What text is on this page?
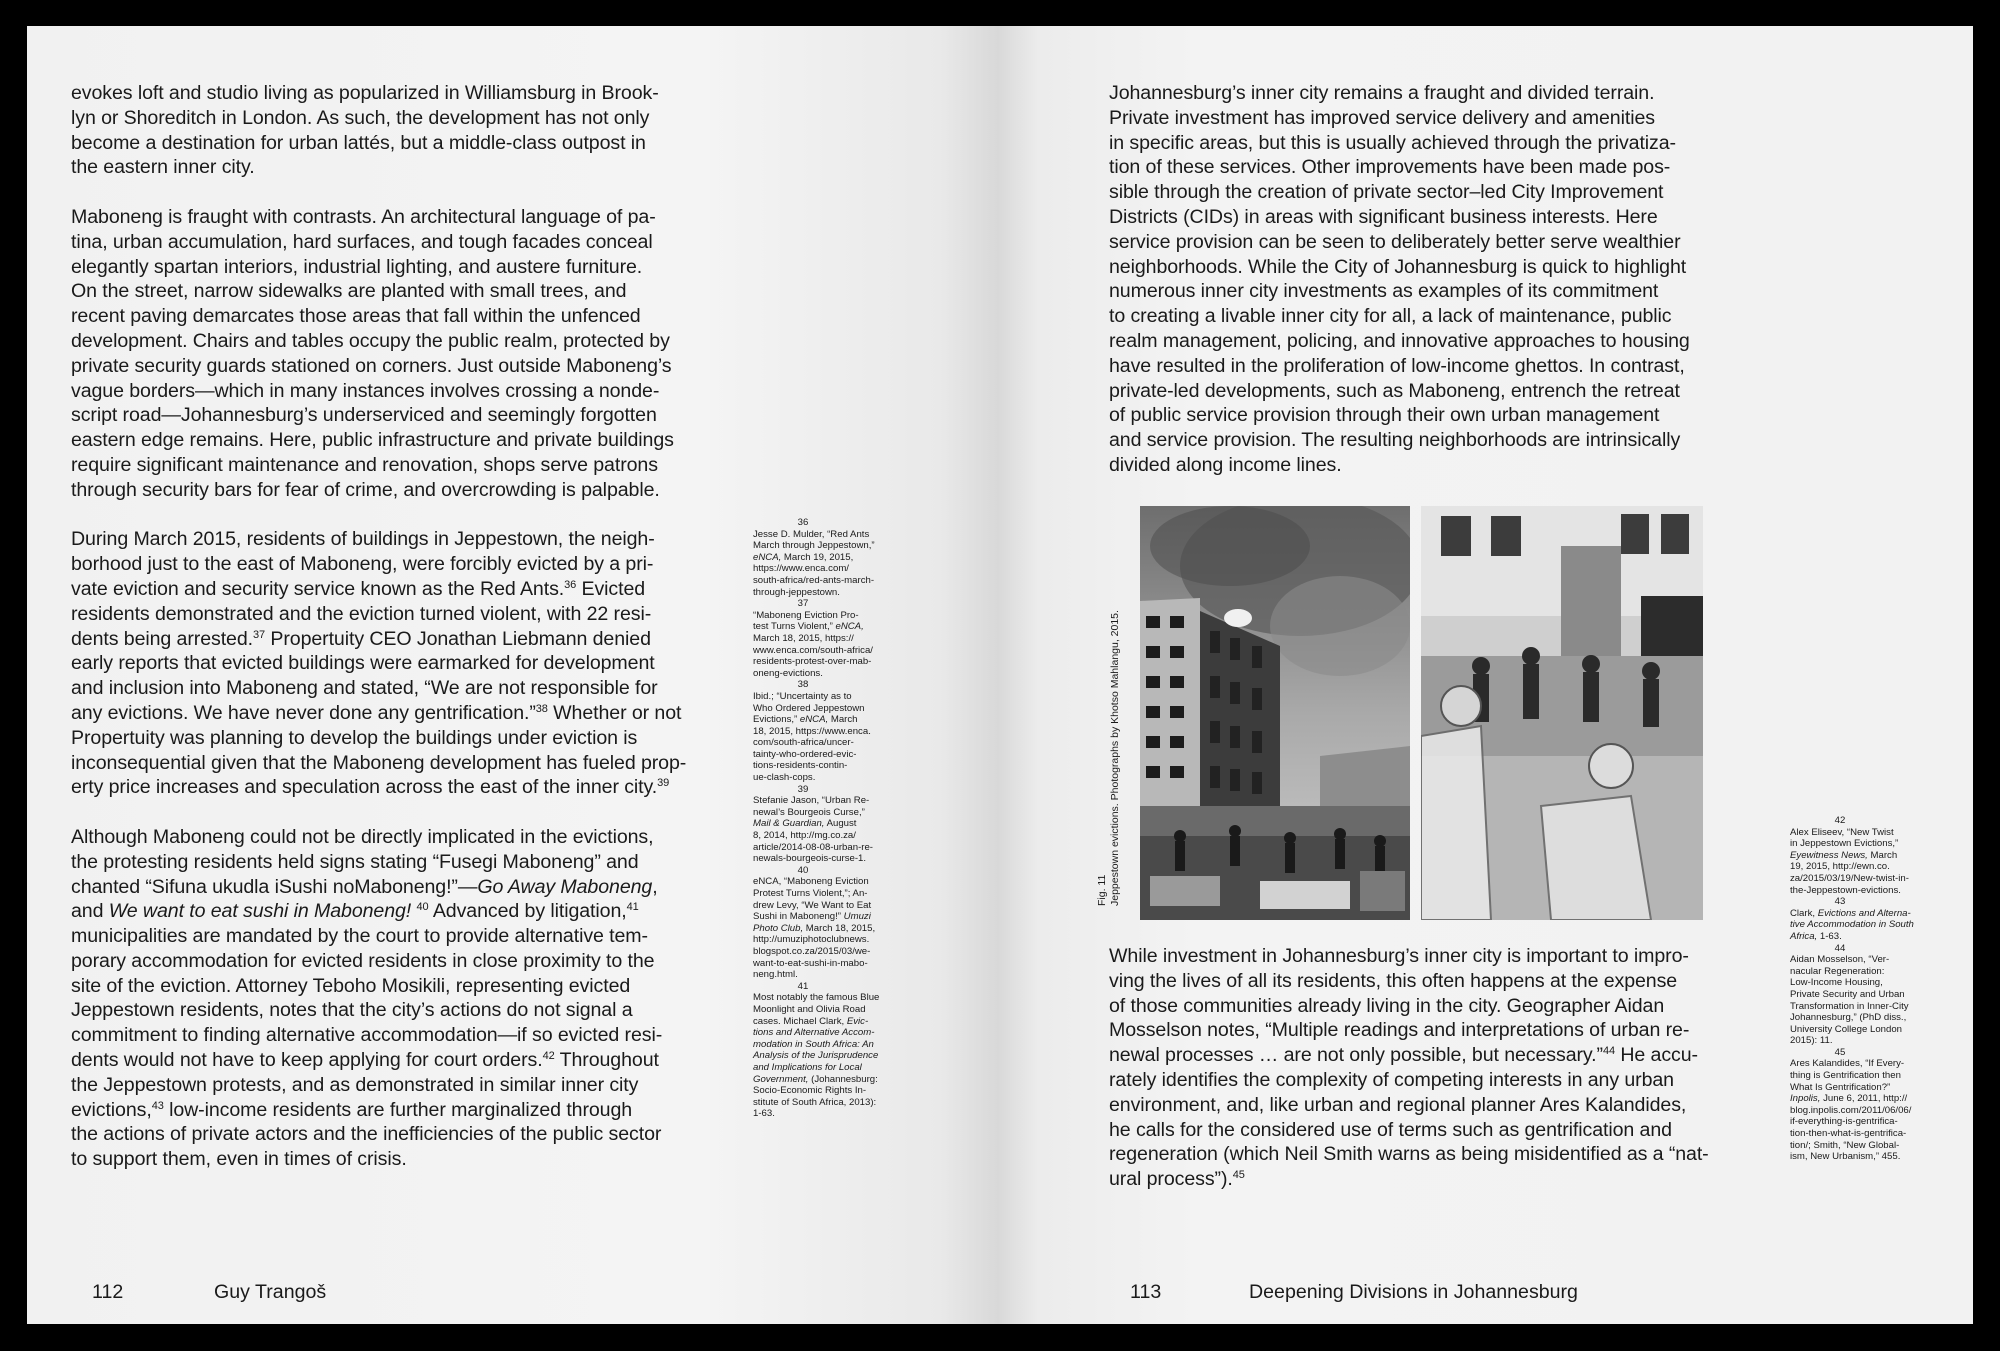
evokes loft and studio living as popularized in Williamsburg in Brook-
lyn or Shoreditch in London. As such, the development has not only
become a destination for urban lattés, but a middle-class outpost in
the eastern inner city.

Maboneng is fraught with contrasts. An architectural language of pa-
tina, urban accumulation, hard surfaces, and tough facades conceal
elegantly spartan interiors, industrial lighting, and austere furniture.
On the street, narrow sidewalks are planted with small trees, and
recent paving demarcates those areas that fall within the unfenced
development. Chairs and tables occupy the public realm, protected by
private security guards stationed on corners. Just outside Maboneng’s
vague borders—which in many instances involves crossing a nonde-
script road—Johannesburg’s underserviced and seemingly forgotten
eastern edge remains. Here, public infrastructure and private buildings
require significant maintenance and renovation, shops serve patrons
through security bars for fear of crime, and overcrowding is palpable.

During March 2015, residents of buildings in Jeppestown, the neigh-
borhood just to the east of Maboneng, were forcibly evicted by a pri-
vate eviction and security service known as the Red Ants.$^{36}$ Evicted
residents demonstrated and the eviction turned violent, with 22 resi-
dents being arrested.$^{37}$ Propertuity CEO Jonathan Liebmann denied
early reports that evicted buildings were earmarked for development
and inclusion into Maboneng and stated, “We are not responsible for
any evictions. We have never done any gentrification.”$^{38}$ Whether or not
Propertuity was planning to develop the buildings under eviction is
inconsequential given that the Maboneng development has fueled prop-
erty price increases and speculation across the east of the inner city.$^{39}$

Although Maboneng could not be directly implicated in the evictions,
the protesting residents held signs stating “Fusegi Maboneng” and
chanted “Sifuna ukudla iSushi noMaboneng!”—Go Away Maboneng,
and We want to eat sushi in Maboneng! $^{40}$ Advanced by litigation,$^{41}$
municipalities are mandated by the court to provide alternative tem-
porary accommodation for evicted residents in close proximity to the
site of the eviction. Attorney Teboho Mosikili, representing evicted
Jeppestown residents, notes that the city’s actions do not signal a
commitment to finding alternative accommodation—if so evicted resi-
dents would not have to keep applying for court orders.$^{42}$ Throughout
the Jeppestown protests, and as demonstrated in similar inner city
evictions,$^{43}$ low-income residents are further marginalized through
the actions of private actors and the inefficiencies of the public sector
to support them, even in times of crisis.

36
Jesse D. Mulder, “Red Ants
March through Jeppestown,”
eNCA, March 19, 2015,
https://www.enca.com/
south-africa/red-ants-march-
through-jeppestown.
37
“Maboneng Eviction Pro-
test Turns Violent,” eNCA,
March 18, 2015, https://
www.enca.com/south-africa/
residents-protest-over-mab-
oneng-evictions.
38
Ibid.; “Uncertainty as to
Who Ordered Jeppestown
Evictions,” eNCA, March
18, 2015, https://www.enca.
com/south-africa/uncer-
tainty-who-ordered-evic-
tions-residents-contin-
ue-clash-cops.
39
Stefanie Jason, “Urban Re-
newal’s Bourgeois Curse,”
Mail & Guardian, August
8, 2014, http://mg.co.za/
article/2014-08-08-urban-re-
newals-bourgeois-curse-1.
40
eNCA, “Maboneng Eviction
Protest Turns Violent,”; An-
drew Levy, “We Want to Eat
Sushi in Maboneng!” Umuzi
Photo Club, March 18, 2015,
http://umuziphotoclubnews.
blogspot.co.za/2015/03/we-
want-to-eat-sushi-in-mabo-
neng.html.
41
Most notably the famous Blue
Moonlight and Olivia Road
cases. Michael Clark, Evic-
tions and Alternative Accom-
modation in South Africa: An
Analysis of the Jurisprudence
and Implications for Local
Government, (Johannesburg:
Socio-Economic Rights In-
stitute of South Africa, 2013):
1-63.
112	Guy Trangoš

Johannesburg’s inner city remains a fraught and divided terrain.
Private investment has improved service delivery and amenities
in specific areas, but this is usually achieved through the privatiza-
tion of these services. Other improvements have been made pos-
sible through the creation of private sector–led City Improvement
Districts (CIDs) in areas with significant business interests. Here
service provision can be seen to deliberately better serve wealthier
neighborhoods. While the City of Johannesburg is quick to highlight
numerous inner city investments as examples of its commitment
to creating a livable inner city for all, a lack of maintenance, public
realm management, policing, and innovative approaches to housing
have resulted in the proliferation of low-income ghettos. In contrast,
private-led developments, such as Maboneng, entrench the retreat
of public service provision through their own urban management
and service provision. The resulting neighborhoods are intrinsically
divided along income lines.

Fig. 11
Jeppestown evictions. Photographs by Khotso Mahlangu, 2015.

While investment in Johannesburg’s inner city is important to impro-
ving the lives of all its residents, this often happens at the expense
of those communities already living in the city. Geographer Aidan
Mosselson notes, “Multiple readings and interpretations of urban re-
newal processes … are not only possible, but necessary.”$^{44}$ He accu-
rately identifies the complexity of competing interests in any urban
environment, and, like urban and regional planner Ares Kalandides,
he calls for the considered use of terms such as gentrification and
regeneration (which Neil Smith warns as being misidentified as a “nat-
ural process”).$^{45}$

42
Alex Eliseev, “New Twist
in Jeppestown Evictions,”
Eyewitness News, March
19, 2015, http://ewn.co.
za/2015/03/19/New-twist-in-
the-Jeppestown-evictions.
43
Clark, Evictions and Alterna-
tive Accommodation in South
Africa, 1-63.
44
Aidan Mosselson, “Ver-
nacular Regeneration:
Low-Income Housing,
Private Security and Urban
Transformation in Inner-City
Johannesburg,” (PhD diss.,
University College London
2015): 11.
45
Ares Kalandides, “If Every-
thing is Gentrification then
What Is Gentrification?”
Inpolis, June 6, 2011, http://
blog.inpolis.com/2011/06/06/
if-everything-is-gentrifica-
tion-then-what-is-gentrifica-
tion/; Smith, “New Global-
ism, New Urbanism,” 455.
113	Deepening Divisions in Johannesburg
